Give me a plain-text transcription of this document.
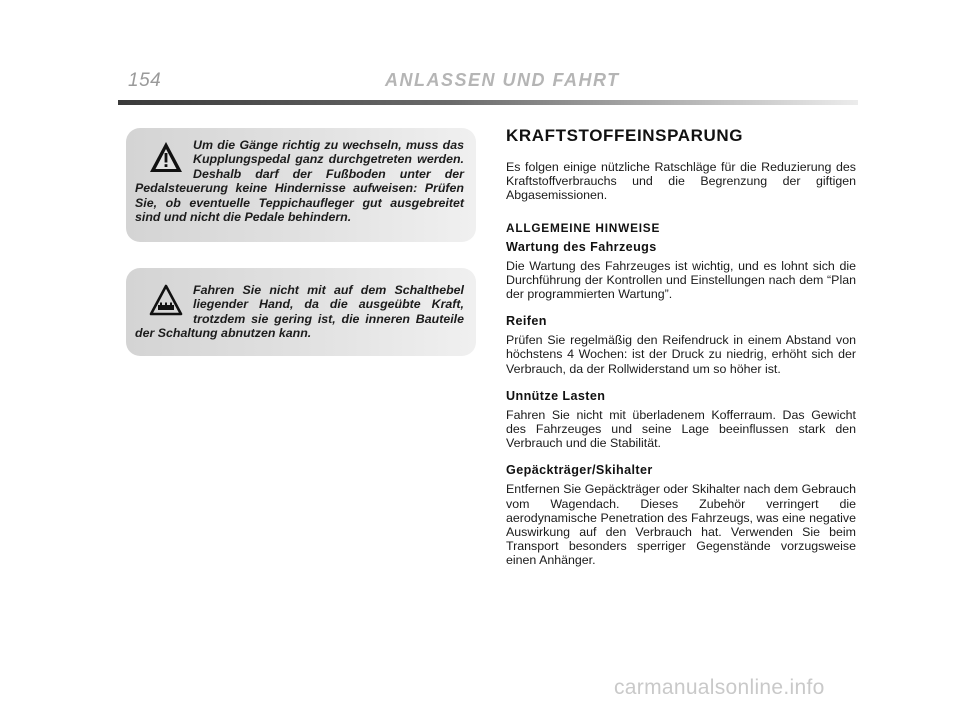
154	ANLASSEN UND FAHRT
Um die Gänge richtig zu wechseln, muss das Kupplungspedal ganz durchgetreten werden. Deshalb darf der Fußboden unter der Pedalsteuerung keine Hindernisse aufweisen: Prüfen Sie, ob eventuelle Teppichaufleger gut ausgebreitet sind und nicht die Pedale behindern.
Fahren Sie nicht mit auf dem Schalthebel liegender Hand, da die ausgeübte Kraft, trotzdem sie gering ist, die inneren Bauteile der Schaltung abnutzen kann.
KRAFTSTOFFEINSPARUNG

Es folgen einige nützliche Ratschläge für die Reduzierung des Kraftstoffverbrauchs und die Begrenzung der giftigen Abgasemissionen.

ALLGEMEINE HINWEISE
Wartung des Fahrzeugs

Die Wartung des Fahrzeuges ist wichtig, und es lohnt sich die Durchführung der Kontrollen und Einstellungen nach dem “Plan der programmierten Wartung”.

Reifen

Prüfen Sie regelmäßig den Reifendruck in einem Abstand von höchstens 4 Wochen: ist der Druck zu niedrig, erhöht sich der Verbrauch, da der Rollwiderstand um so höher ist.

Unnütze Lasten

Fahren Sie nicht mit überladenem Kofferraum. Das Gewicht des Fahrzeuges und seine Lage beeinflussen stark den Verbrauch und die Stabilität.

Gepäckträger/Skihalter

Entfernen Sie Gepäckträger oder Skihalter nach dem Gebrauch vom Wagendach. Dieses Zubehör verringert die aerodynamische Penetration des Fahrzeugs, was eine negative Auswirkung auf den Verbrauch hat. Verwenden Sie beim Transport besonders sperriger Gegenstände vorzugsweise einen Anhänger.

carmanualsonline.info
